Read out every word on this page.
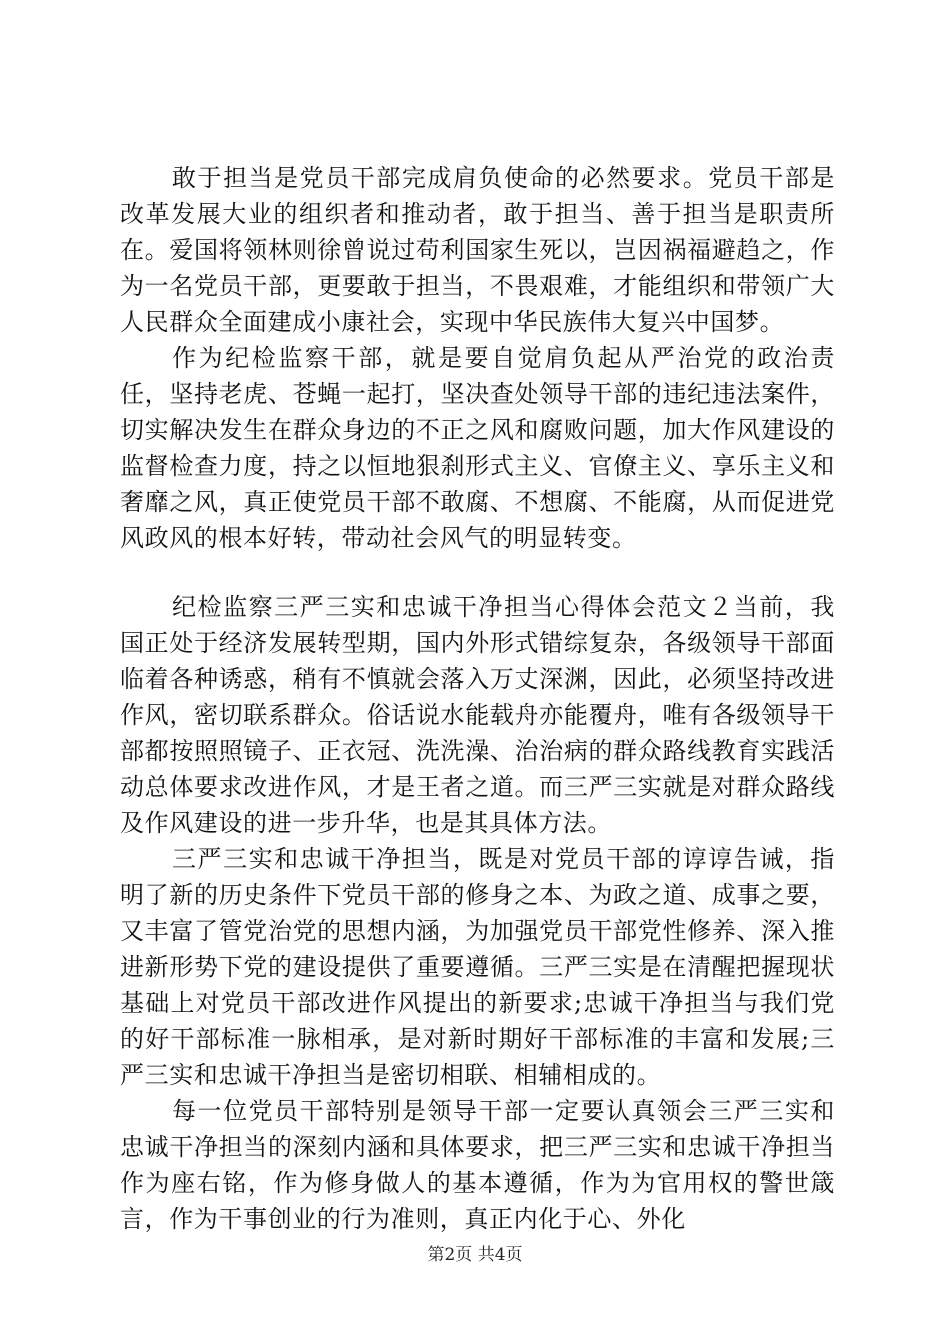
敢于担当是党员干部完成肩负使命的必然要求。党员干部是改革发展大业的组织者和推动者，敢于担当、善于担当是职责所在。爱国将领林则徐曾说过苟利国家生死以，岂因祸福避趋之，作为一名党员干部，更要敢于担当，不畏艰难，才能组织和带领广大人民群众全面建成小康社会，实现中华民族伟大复兴中国梦。

作为纪检监察干部，就是要自觉肩负起从严治党的政治责任，坚持老虎、苍蝇一起打，坚决查处领导干部的违纪违法案件，切实解决发生在群众身边的不正之风和腐败问题，加大作风建设的监督检查力度，持之以恒地狠刹形式主义、官僚主义、享乐主义和奢靡之风，真正使党员干部不敢腐、不想腐、不能腐，从而促进党风政风的根本好转，带动社会风气的明显转变。

纪检监察三严三实和忠诚干净担当心得体会范文２当前，我国正处于经济发展转型期，国内外形式错综复杂，各级领导干部面临着各种诱惑，稍有不慎就会落入万丈深渊，因此，必须坚持改进作风，密切联系群众。俗话说水能载舟亦能覆舟，唯有各级领导干部都按照照镜子、正衣冠、洗洗澡、治治病的群众路线教育实践活动总体要求改进作风，才是王者之道。而三严三实就是对群众路线及作风建设的进一步升华，也是其具体方法。

三严三实和忠诚干净担当，既是对党员干部的谆谆告诫，指明了新的历史条件下党员干部的修身之本、为政之道、成事之要，又丰富了管党治党的思想内涵，为加强党员干部党性修养、深入推进新形势下党的建设提供了重要遵循。三严三实是在清醒把握现状基础上对党员干部改进作风提出的新要求;忠诚干净担当与我们党的好干部标准一脉相承，是对新时期好干部标准的丰富和发展;三严三实和忠诚干净担当是密切相联、相辅相成的。

每一位党员干部特别是领导干部一定要认真领会三严三实和忠诚干净担当的深刻内涵和具体要求，把三严三实和忠诚干净担当作为座右铭，作为修身做人的基本遵循，作为为官用权的警世箴言，作为干事创业的行为准则，真正内化于心、外化

第2页 共4页
